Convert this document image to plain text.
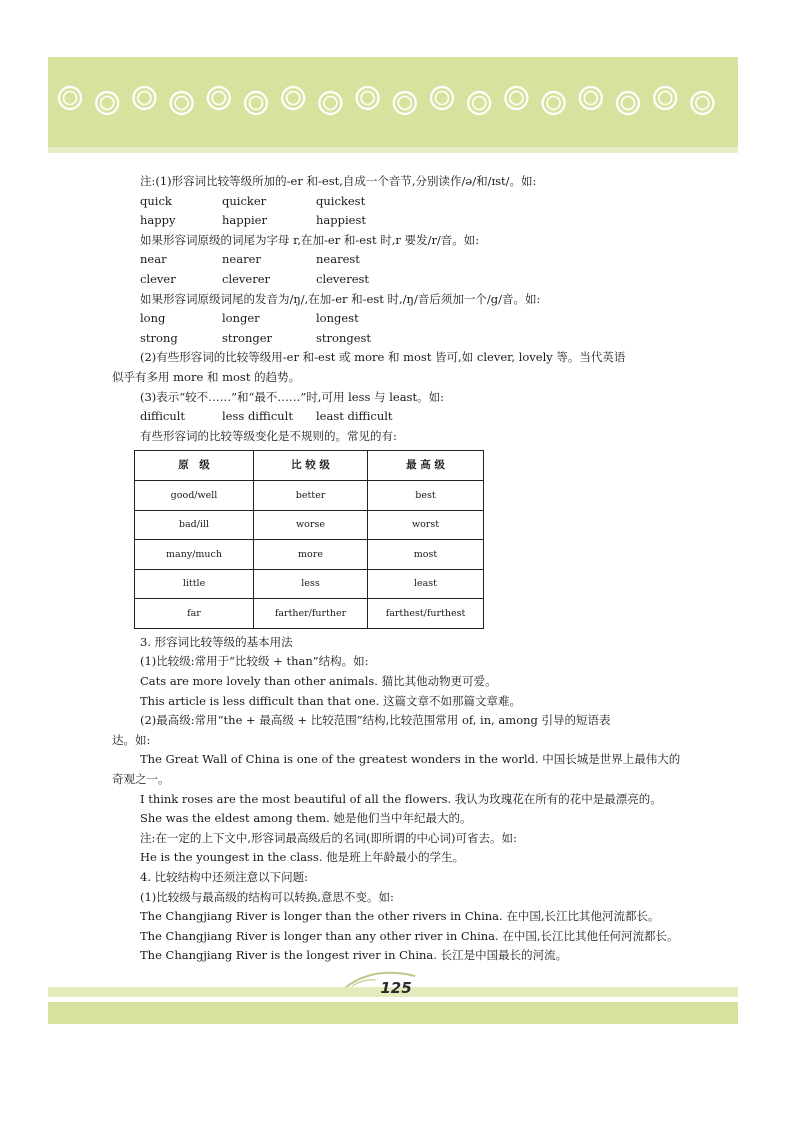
注:(1)形容词比较等级所加的-er 和-est,自成一个音节,分别读作/ə/和/ɪst/。如:
quick	quicker	quickest
happy	happier	happiest
如果形容词原级的词尾为字母 r,在加-er 和-est 时,r 要发/r/音。如:
near	nearer	nearest
clever	cleverer	cleverest
如果形容词原级词尾的发音为/ŋ/,在加-er 和-est 时,/ŋ/音后须加一个/g/音。如:
long	longer	longest
strong	stronger	strongest
(2)有些形容词的比较等级用-er 和-est 或 more 和 most 皆可,如 clever, lovely 等。当代英语
似乎有多用 more 和 most 的趋势。
(3)表示“较不……”和“最不……”时,可用 less 与 least。如:
difficult	less difficult	least difficult
有些形容词的比较等级变化是不规则的。常见的有:
原　级	比 较 级	最 高 级
good/well	better	best
bad/ill	worse	worst
many/much	more	most
little	less	least
far	farther/further	farthest/furthest
3. 形容词比较等级的基本用法
(1)比较级:常用于“比较级 + than”结构。如:
Cats are more lovely than other animals. 猫比其他动物更可爱。
This article is less difficult than that one. 这篇文章不如那篇文章难。
(2)最高级:常用“the + 最高级 + 比较范围”结构,比较范围常用 of, in, among 引导的短语表
达。如:
The Great Wall of China is one of the greatest wonders in the world. 中国长城是世界上最伟大的
奇观之一。
I think roses are the most beautiful of all the flowers. 我认为玫瑰花在所有的花中是最漂亮的。
She was the eldest among them. 她是他们当中年纪最大的。
注:在一定的上下文中,形容词最高级后的名词(即所谓的中心词)可省去。如:
He is the youngest in the class. 他是班上年龄最小的学生。
4. 比较结构中还须注意以下问题:
(1)比较级与最高级的结构可以转换,意思不变。如:
The Changjiang River is longer than the other rivers in China. 在中国,长江比其他河流都长。
The Changjiang River is longer than any other river in China. 在中国,长江比其他任何河流都长。
The Changjiang River is the longest river in China. 长江是中国最长的河流。
125
